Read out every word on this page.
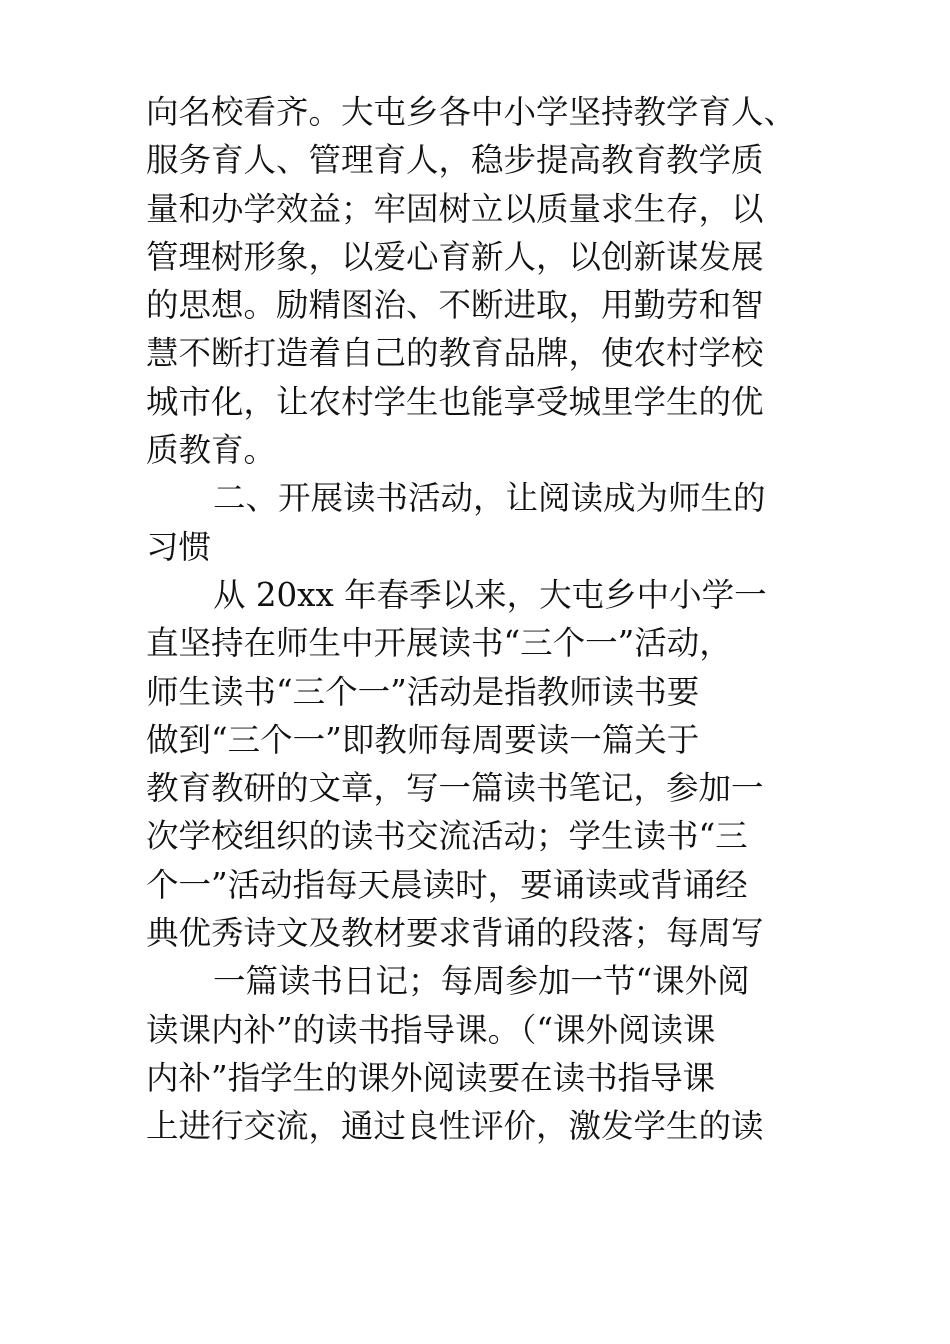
向名校看齐。大屯乡各中小学坚持教学育人、
服务育人、管理育人，稳步提高教育教学质
量和办学效益；牢固树立以质量求生存，以
管理树形象，以爱心育新人，以创新谋发展
的思想。励精图治、不断进取，用勤劳和智
慧不断打造着自己的教育品牌，使农村学校
城市化，让农村学生也能享受城里学生的优
质教育。
二、开展读书活动，让阅读成为师生的
习惯
从 20xx 年春季以来，大屯乡中小学一
直坚持在师生中开展读书“三个一”活动，
师生读书“三个一”活动是指教师读书要
做到“三个一”即教师每周要读一篇关于
教育教研的文章，写一篇读书笔记，参加一
次学校组织的读书交流活动；学生读书“三
个一”活动指每天晨读时，要诵读或背诵经
典优秀诗文及教材要求背诵的段落；每周写
一篇读书日记；每周参加一节“课外阅
读课内补”的读书指导课。（“课外阅读课
内补”指学生的课外阅读要在读书指导课
上进行交流，通过良性评价，激发学生的读
